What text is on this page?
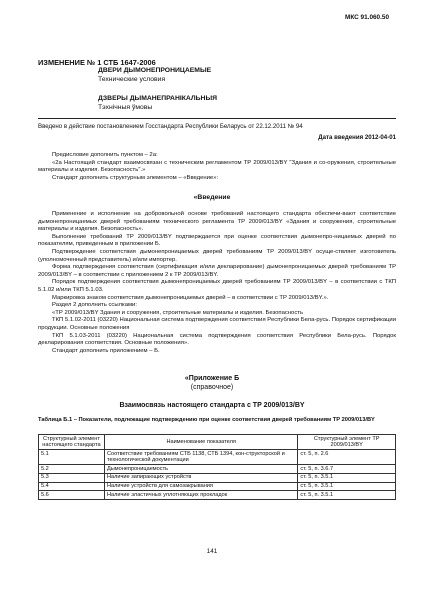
МКС 91.060.50
ИЗМЕНЕНИЕ № 1 СТБ 1647-2006
ДВЕРИ ДЫМОНЕПРОНИЦАЕМЫЕ
Технические условия
ДЗВЕРЫ ДЫМАНЕПРАНІКАЛЬНЫЯ
Тэхнічныя ўмовы
Введено в действие постановлением Госстандарта Республики Беларусь от 22.12.2011 № 94
Дата введения 2012-04-01

Предисловие дополнить пунктом – 2а:

«2а Настоящий стандарт взаимосвязан с техническим регламентом ТР 2009/013/BY "Здания и со-оружения, строительные материалы и изделия. Безопасность".»

Стандарт дополнить структурным элементом – «Введение»:

«Введение

Применение и исполнение на добровольной основе требований настоящего стандарта обеспечи-вают соответствие дымонепроницаемых дверей требованиям технического регламента ТР 2009/013/BY «Здания и сооружения, строительные материалы и изделия. Безопасность».

Выполнение требований ТР 2009/013/BY подтверждается при оценке соответствия дымонепро-ницаемых дверей по показателям, приведенным в приложении Б.

Подтверждение соответствия дымонепроницаемых дверей требованиям ТР 2009/013/BY осуще-ствляет изготовитель (уполномоченный представитель) и/или импортер.

Форма подтверждения соответствия (сертификация и/или декларирование) дымонепроницаемых дверей требованиям ТР 2009/013/BY – в соответствии с приложением 2 к ТР 2009/013/BY.

Порядок подтверждения соответствия дымонепроницаемых дверей требованиям ТР 2009/013/BY – в соответствии с ТКП 5.1.02 и/или ТКП 5.1.03.

Маркировка знаком соответствия дымонепроницаемых дверей – в соответствии с ТР 2009/013/BY.».

Раздел 2 дополнить ссылками:

«ТР 2009/013/BY Здания и сооружения, строительные материалы и изделия. Безопасность

ТКП 5.1.02-2011 (03220) Национальная система подтверждения соответствия Республики Бела-русь. Порядок сертификации продукции. Основные положения

ТКП 5.1.03-2011 (03220) Национальная система подтверждения соответствия Республики Бела-русь. Порядок декларирования соответствия. Основные положения».

Стандарт дополнить приложением – Б.

«Приложение Б
(справочное)
Взаимосвязь настоящего стандарта с ТР 2009/013/BY
Таблица Б.1 – Показатели, подлежащие подтверждению при оценке соответствия дверей требованиям ТР 2009/013/BY
Структурный элемент настоящего стандарта	Наименование показателя	Структурный элемент ТР 2009/013/BY
5.1	Соответствие требованиям СТБ 1138, СТБ 1394, кон-структорской и технологической документации	ст. 5, п. 2.6
5.2	Дымонепроницаемость	ст. 5, п. 3.6.7
5.3	Наличие запирающих устройств	ст. 5, п. 3.5.1
5.4	Наличие устройств для самозакрывания	ст. 5, п. 3.5.1
5.6	Наличие эластичных уплотняющих прокладок	ст. 5, п. 3.5.1
141
